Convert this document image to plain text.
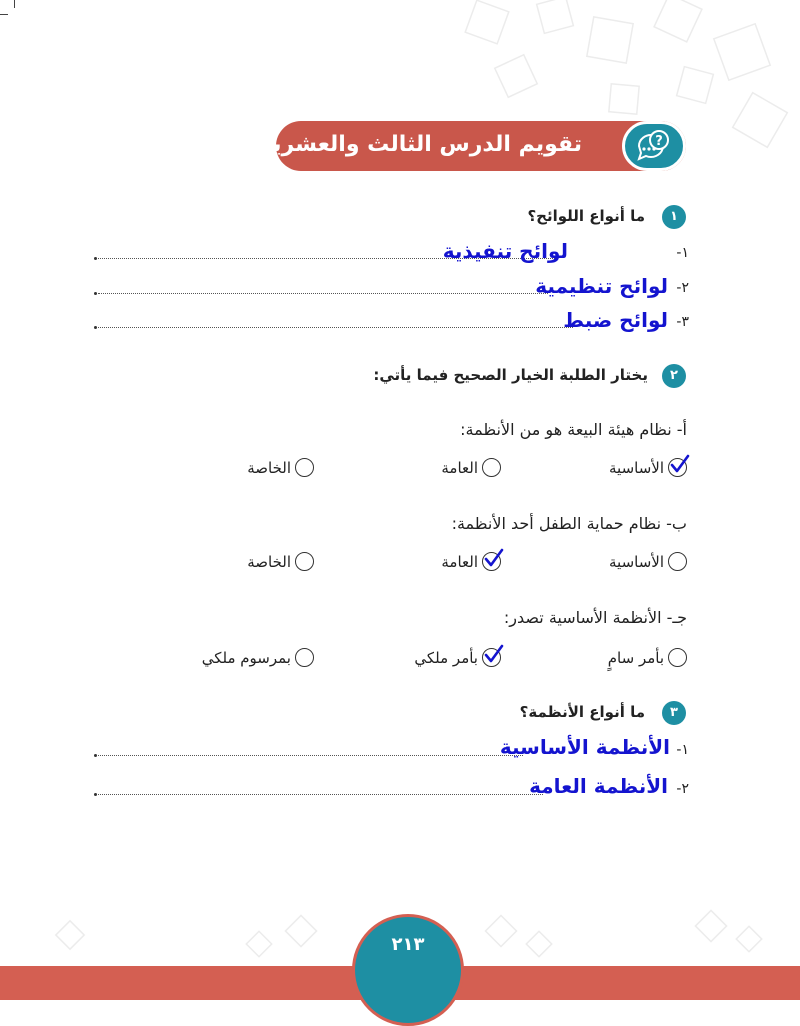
تقويم الدرس الثالث والعشرين	?
١
ما أنواع اللوائح؟
لوائح تنفيذية	١-
لوائح تنظيمية ٢-
لوائح ضبط ٣-
٢
يختار الطلبة الخيار الصحيح فيما يأتي:
أ- نظام هيئة البيعة هو من الأنظمة:
الأساسية
العامة
الخاصة
ب- نظام حماية الطفل أحد الأنظمة:
الأساسية
العامة
الخاصة
جـ- الأنظمة الأساسية تصدر:
بأمر سامٍ
بأمر ملكي
بمرسوم ملكي
٣
ما أنواع الأنظمة؟
الأنظمة الأساسية ١-
الأنظمة العامة ٢-
٢١٣
